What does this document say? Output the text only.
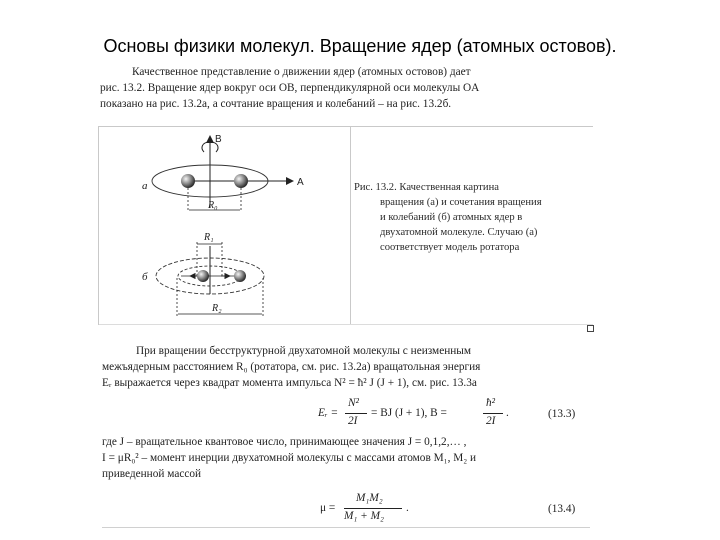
Основы физики молекул. Вращение ядер (атомных остовов).
Качественное представление о движении ядер (атомных остовов) дает
рис. 13.2. Вращение ядер вокруг оси OB, перпендикулярной оси молекулы OA
показано на рис. 13.2a, а сочтание вращения и колебаний – на рис. 13.2б.
а
B
A
R₀
б
R₁
R₂
Рис. 13.2. Качественная картина
вращения (a) и сочетания вращения
и колебаний (б) атомных ядер в
двухатомной молекуле. Случаю (a)
соответствует модель ротатора
При вращении бесструктурной двухатомной молекулы с неизменным
межъядерным расстоянием R₀ (ротатора, см. рис. 13.2а) вращатольная энергия
Eᵣ выражается через квадрат момента импульса N² = ħ² J (J + 1), см. рис. 13.3а
Eᵣ =
N²
2I
= BJ (J + 1), B =
ħ²
2I
.	(13.3)
где J – вращательное квантовое число, принимающее значения J = 0,1,2,… ,
I = μR₀² – момент инерции двухатомной молекулы с массами атомов M₁, M₂ и
приведенной массой
μ =
M₁M₂
M₁ + M₂
.	(13.4)
